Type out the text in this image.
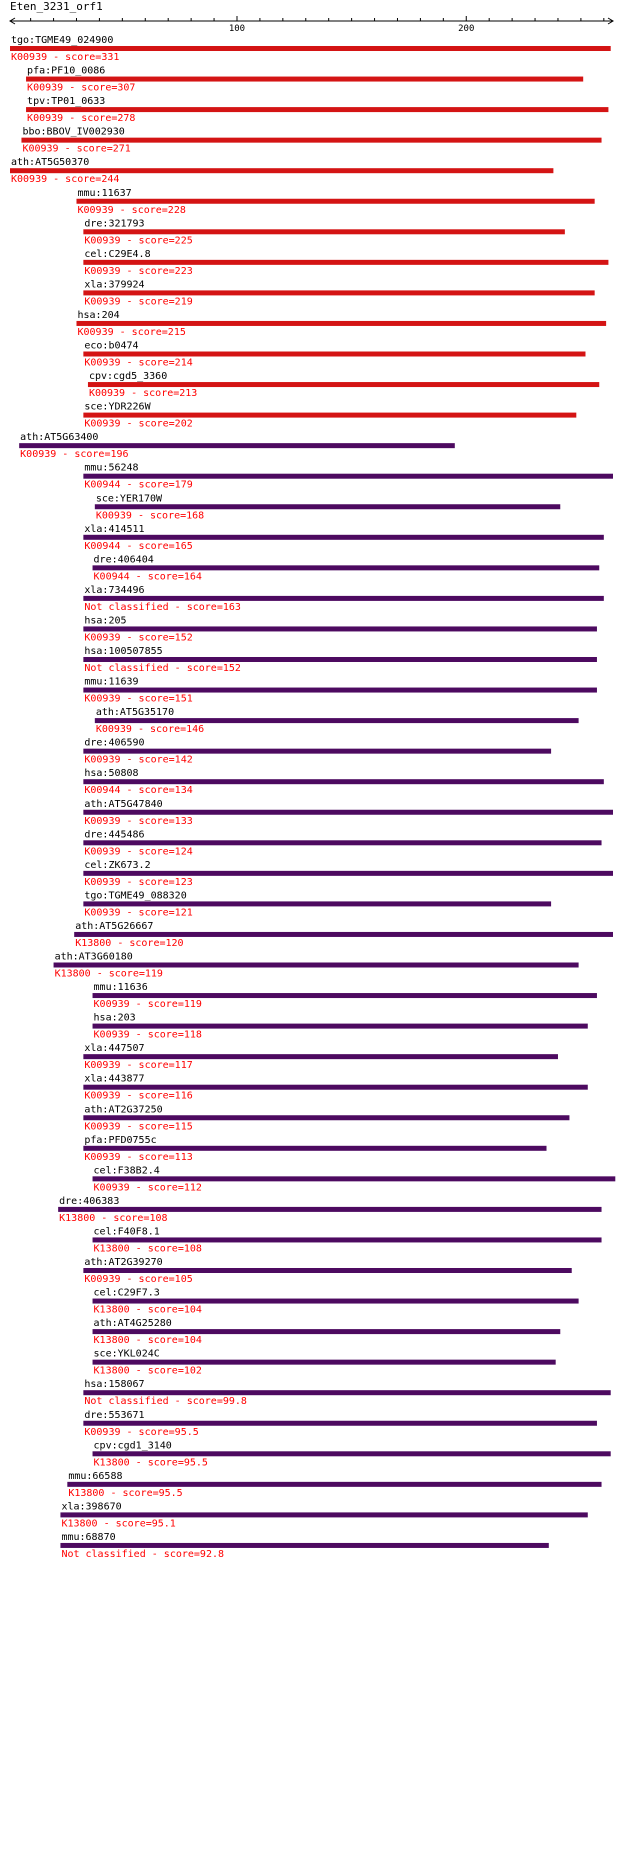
Eten_3231_orf1
100	200
tgo:TGME49_024900
K00939 - score=331
pfa:PF10_0086
K00939 - score=307
tpv:TP01_0633
K00939 - score=278
bbo:BBOV_IV002930
K00939 - score=271
ath:AT5G50370
K00939 - score=244
mmu:11637
K00939 - score=228
dre:321793
K00939 - score=225
cel:C29E4.8
K00939 - score=223
xla:379924
K00939 - score=219
hsa:204
K00939 - score=215
eco:b0474
K00939 - score=214
cpv:cgd5_3360
K00939 - score=213
sce:YDR226W
K00939 - score=202
ath:AT5G63400
K00939 - score=196
mmu:56248
K00944 - score=179
sce:YER170W
K00939 - score=168
xla:414511
K00944 - score=165
dre:406404
K00944 - score=164
xla:734496
Not classified - score=163
hsa:205
K00939 - score=152
hsa:100507855
Not classified - score=152
mmu:11639
K00939 - score=151
ath:AT5G35170
K00939 - score=146
dre:406590
K00939 - score=142
hsa:50808
K00944 - score=134
ath:AT5G47840
K00939 - score=133
dre:445486
K00939 - score=124
cel:ZK673.2
K00939 - score=123
tgo:TGME49_088320
K00939 - score=121
ath:AT5G26667
K13800 - score=120
ath:AT3G60180
K13800 - score=119
mmu:11636
K00939 - score=119
hsa:203
K00939 - score=118
xla:447507
K00939 - score=117
xla:443877
K00939 - score=116
ath:AT2G37250
K00939 - score=115
pfa:PFD0755c
K00939 - score=113
cel:F38B2.4
K00939 - score=112
dre:406383
K13800 - score=108
cel:F40F8.1
K13800 - score=108
ath:AT2G39270
K00939 - score=105
cel:C29F7.3
K13800 - score=104
ath:AT4G25280
K13800 - score=104
sce:YKL024C
K13800 - score=102
hsa:158067
Not classified - score=99.8
dre:553671
K00939 - score=95.5
cpv:cgd1_3140
K13800 - score=95.5
mmu:66588
K13800 - score=95.5
xla:398670
K13800 - score=95.1
mmu:68870
Not classified - score=92.8
